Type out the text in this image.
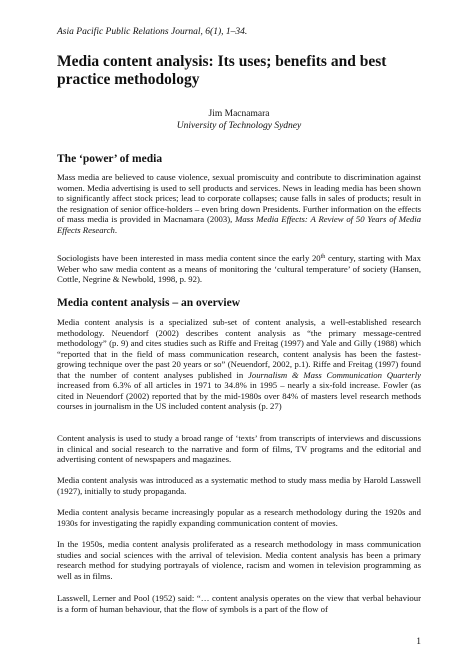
Asia Pacific Public Relations Journal, 6(1), 1–34.
Media content analysis: Its uses; benefits and best practice methodology
Jim Macnamara
University of Technology Sydney
The ‘power’ of media

Mass media are believed to cause violence, sexual promiscuity and contribute to discrimination against women. Media advertising is used to sell products and services. News in leading media has been shown to significantly affect stock prices; lead to corporate collapses; cause falls in sales of products; result in the resignation of senior office-holders – even bring down Presidents. Further information on the effects of mass media is provided in Macnamara (2003), Mass Media Effects: A Review of 50 Years of Media Effects Research.

Sociologists have been interested in mass media content since the early 20th century, starting with Max Weber who saw media content as a means of monitoring the ‘cultural temperature’ of society (Hansen, Cottle, Negrine & Newbold, 1998, p. 92).

Media content analysis – an overview

Media content analysis is a specialized sub-set of content analysis, a well-established research methodology. Neuendorf (2002) describes content analysis as “the primary message-centred methodology” (p. 9) and cites studies such as Riffe and Freitag (1997) and Yale and Gilly (1988) which “reported that in the field of mass communication research, content analysis has been the fastest-growing technique over the past 20 years or so” (Neuendorf, 2002, p.1). Riffe and Freitag (1997) found that the number of content analyses published in Journalism & Mass Communication Quarterly increased from 6.3% of all articles in 1971 to 34.8% in 1995 – nearly a six-fold increase. Fowler (as cited in Neuendorf (2002) reported that by the mid-1980s over 84% of masters level research methods courses in journalism in the US included content analysis (p. 27)

Content analysis is used to study a broad range of ‘texts’ from transcripts of interviews and discussions in clinical and social research to the narrative and form of films, TV programs and the editorial and advertising content of newspapers and magazines.

Media content analysis was introduced as a systematic method to study mass media by Harold Lasswell (1927), initially to study propaganda.

Media content analysis became increasingly popular as a research methodology during the 1920s and 1930s for investigating the rapidly expanding communication content of movies.

In the 1950s, media content analysis proliferated as a research methodology in mass communication studies and social sciences with the arrival of television. Media content analysis has been a primary research method for studying portrayals of violence, racism and women in television programming as well as in films.

Lasswell, Lerner and Pool (1952) said: “… content analysis operates on the view that verbal behaviour is a form of human behaviour, that the flow of symbols is a part of the flow of

1
